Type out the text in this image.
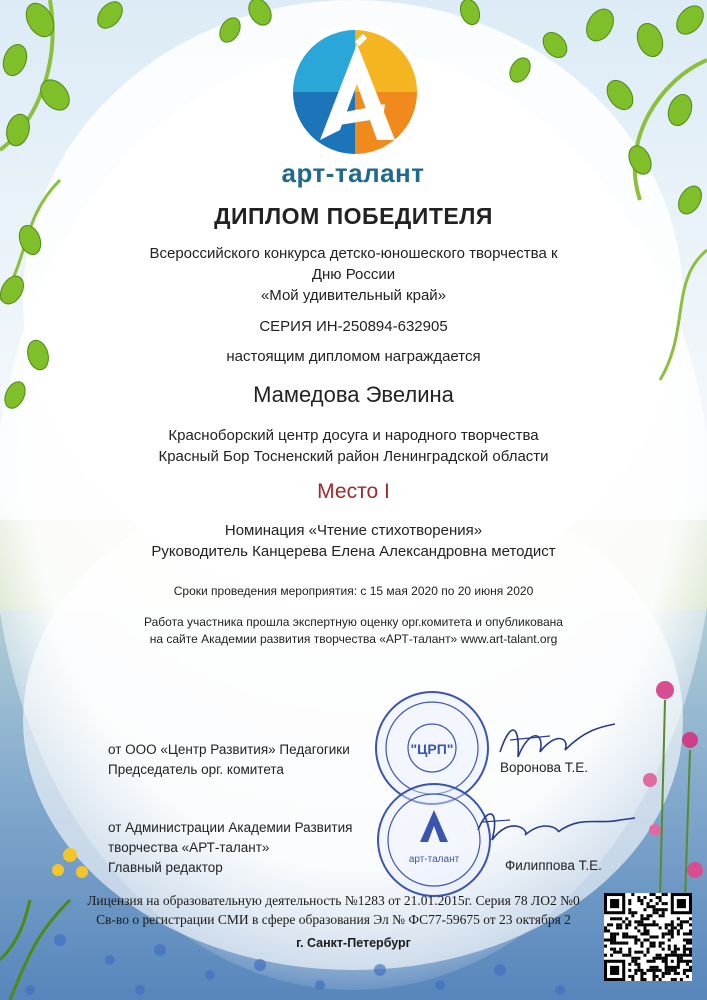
арт-талант
ДИПЛОМ ПОБЕДИТЕЛЯ
Всероссийского конкурса детско-юношеского творчества к
Дню России
«Мой удивительный край»
СЕРИЯ ИН-250894-632905
настоящим дипломом награждается
Мамедова Эвелина
Красноборский центр досуга и народного творчества
Красный Бор Тосненский район Ленинградской области
Место I
Номинация «Чтение стихотворения»
Руководитель Канцерева Елена Александровна методист
Сроки проведения мероприятия: с 15 мая 2020 по 20 июня 2020
Работа участника прошла экспертную оценку орг.комитета и опубликована
на сайте Академии развития творчества «АРТ-талант» www.art-talant.org
"ЦРП"
арт-талант
от ООО «Центр Развития» Педагогики
Председатель орг. комитета	Воронова Т.Е.
от Администрации Академии Развития
творчества «АРТ-талант»
Главный редактор	Филиппова Т.Е.
Лицензия на образовательную деятельность №1283 от 21.01.2015г. Серия 78 ЛО2 №0
Св-во о регистрации СМИ в сфере образования Эл № ФС77-59675 от 23 октября 2
г. Санкт-Петербург
